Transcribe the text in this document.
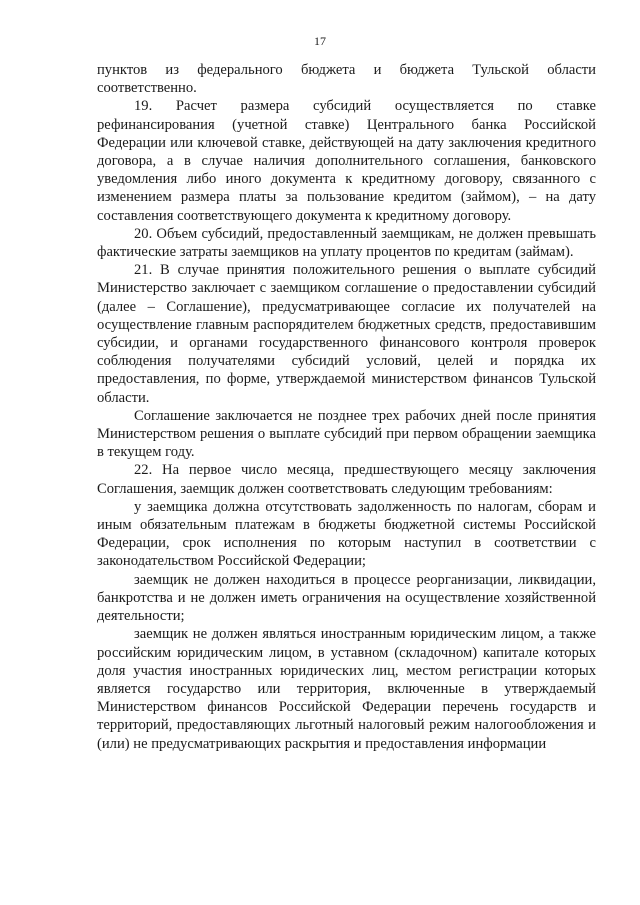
17

пунктов из федерального бюджета и бюджета Тульской области соответственно.

19. Расчет размера субсидий осуществляется по ставке рефинансирования (учетной ставке) Центрального банка Российской Федерации или ключевой ставке, действующей на дату заключения кредитного договора, а в случае наличия дополнительного соглашения, банковского уведомления либо иного документа к кредитному договору, связанного с изменением размера платы за пользование кредитом (займом), – на дату составления соответствующего документа к кредитному договору.

20. Объем субсидий, предоставленный заемщикам, не должен превышать фактические затраты заемщиков на уплату процентов по кредитам (займам).

21. В случае принятия положительного решения о выплате субсидий Министерство заключает с заемщиком соглашение о предоставлении субсидий (далее – Соглашение), предусматривающее согласие их получателей на осуществление главным распорядителем бюджетных средств, предоставившим субсидии, и органами государственного финансового контроля проверок соблюдения получателями субсидий условий, целей и порядка их предоставления, по форме, утверждаемой министерством финансов Тульской области.

Соглашение заключается не позднее трех рабочих дней после принятия Министерством решения о выплате субсидий при первом обращении заемщика в текущем году.

22. На первое число месяца, предшествующего месяцу заключения Соглашения, заемщик должен соответствовать следующим требованиям:

у заемщика должна отсутствовать задолженность по налогам, сборам и иным обязательным платежам в бюджеты бюджетной системы Российской Федерации, срок исполнения по которым наступил в соответствии с законодательством Российской Федерации;

заемщик не должен находиться в процессе реорганизации, ликвидации, банкротства и не должен иметь ограничения на осуществление хозяйственной деятельности;

заемщик не должен являться иностранным юридическим лицом, а также российским юридическим лицом, в уставном (складочном) капитале которых доля участия иностранных юридических лиц, местом регистрации которых является государство или территория, включенные в утверждаемый Министерством финансов Российской Федерации перечень государств и территорий, предоставляющих льготный налоговый режим налогообложения и (или) не предусматривающих раскрытия и предоставления информации
